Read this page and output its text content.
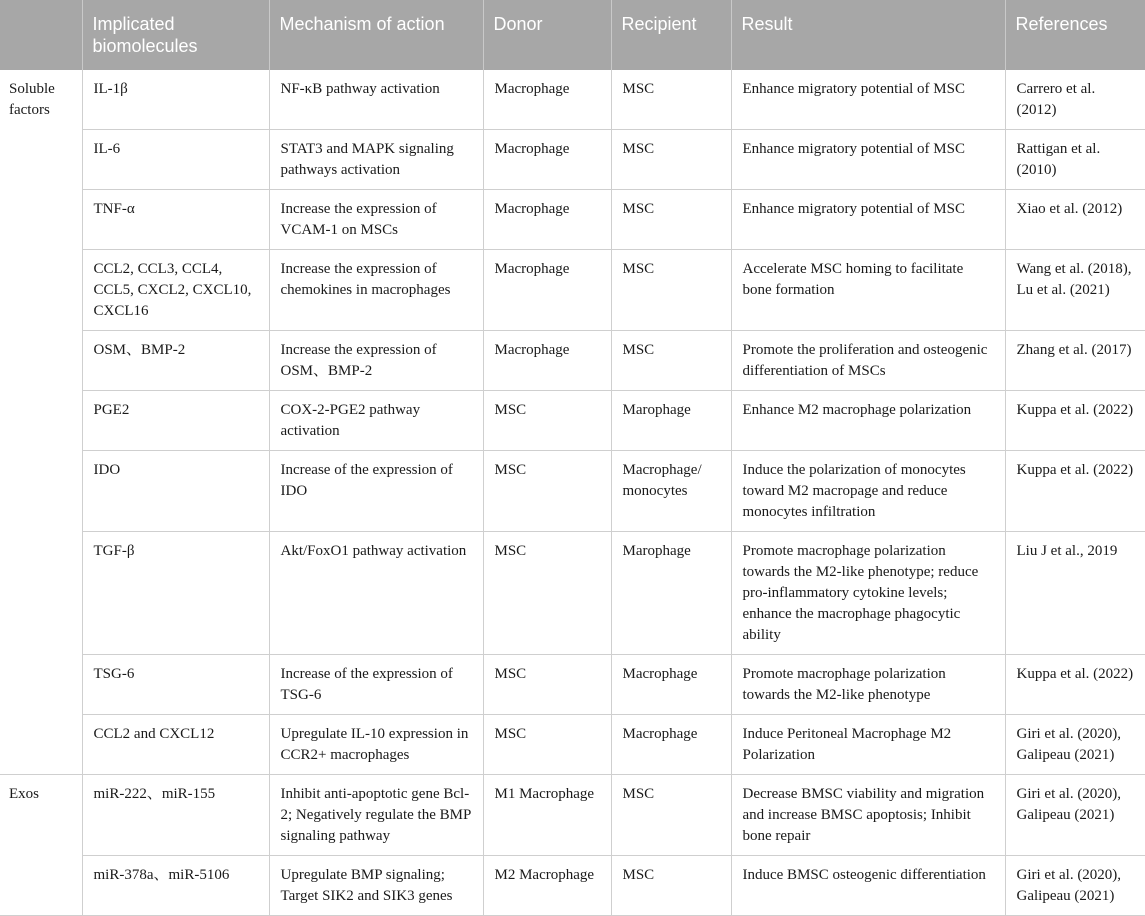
	Implicated biomolecules	Mechanism of action	Donor	Recipient	Result	References
Soluble factors	IL-1β	NF-κB pathway activation	Macrophage	MSC	Enhance migratory potential of MSC	Carrero et al. (2012)
	IL-6	STAT3 and MAPK signaling pathways activation	Macrophage	MSC	Enhance migratory potential of MSC	Rattigan et al. (2010)
	TNF-α	Increase the expression of VCAM-1 on MSCs	Macrophage	MSC	Enhance migratory potential of MSC	Xiao et al. (2012)
	CCL2, CCL3, CCL4, CCL5, CXCL2, CXCL10, CXCL16	Increase the expression of chemokines in macrophages	Macrophage	MSC	Accelerate MSC homing to facilitate bone formation	Wang et al. (2018), Lu et al. (2021)
	OSM、BMP-2	Increase the expression of OSM、BMP-2	Macrophage	MSC	Promote the proliferation and osteogenic differentiation of MSCs	Zhang et al. (2017)
	PGE2	COX-2-PGE2 pathway activation	MSC	Marophage	Enhance M2 macrophage polarization	Kuppa et al. (2022)
	IDO	Increase of the expression of IDO	MSC	Macrophage/ monocytes	Induce the polarization of monocytes toward M2 macropage and reduce monocytes infiltration	Kuppa et al. (2022)
	TGF-β	Akt/FoxO1 pathway activation	MSC	Marophage	Promote macrophage polarization towards the M2-like phenotype; reduce pro-inflammatory cytokine levels; enhance the macrophage phagocytic ability	Liu J et al., 2019
	TSG-6	Increase of the expression of TSG-6	MSC	Macrophage	Promote macrophage polarization towards the M2-like phenotype	Kuppa et al. (2022)
	CCL2 and CXCL12	Upregulate IL-10 expression in CCR2+ macrophages	MSC	Macrophage	Induce Peritoneal Macrophage M2 Polarization	Giri et al. (2020), Galipeau (2021)
Exos	miR-222、miR-155	Inhibit anti-apoptotic gene Bcl-2; Negatively regulate the BMP signaling pathway	M1 Macrophage	MSC	Decrease BMSC viability and migration and increase BMSC apoptosis; Inhibit bone repair	Giri et al. (2020), Galipeau (2021)
	miR-378a、miR-5106	Upregulate BMP signaling; Target SIK2 and SIK3 genes	M2 Macrophage	MSC	Induce BMSC osteogenic differentiation	Giri et al. (2020), Galipeau (2021)
